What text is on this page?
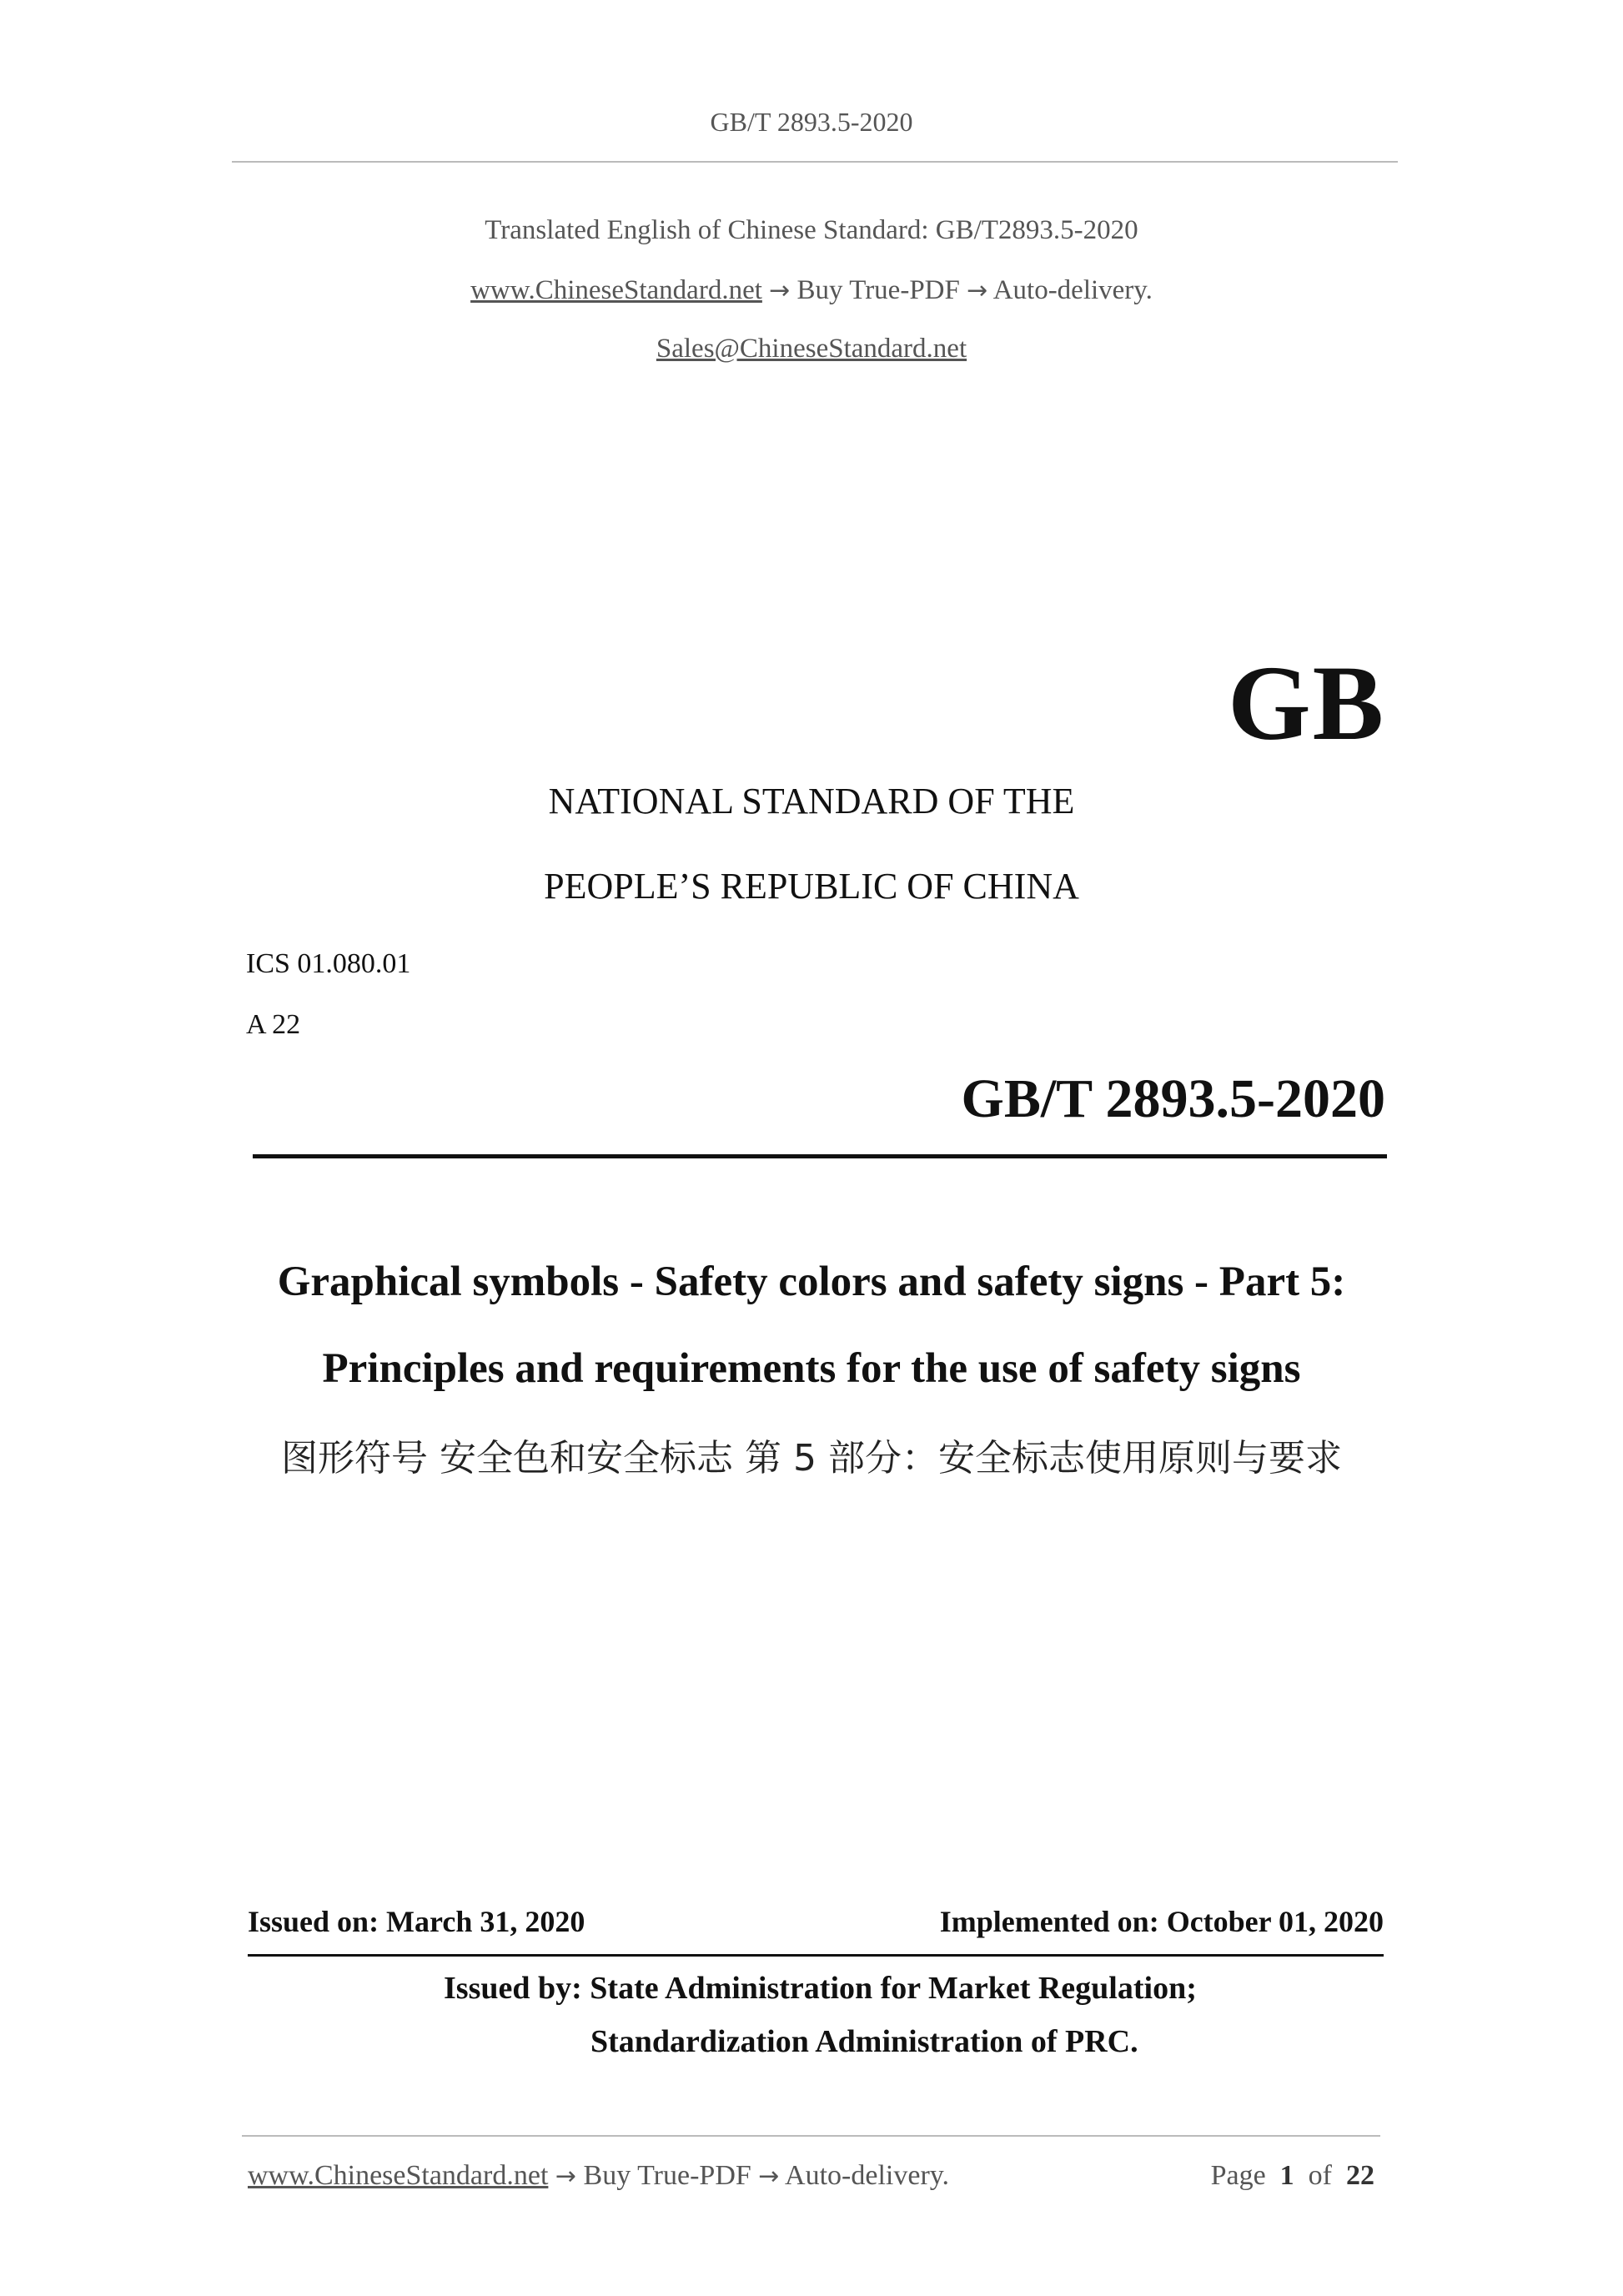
GB/T 2893.5-2020
Translated English of Chinese Standard: GB/T2893.5-2020
www.ChineseStandard.net → Buy True-PDF → Auto-delivery.
Sales@ChineseStandard.net
GB
NATIONAL STANDARD OF THE
PEOPLE’S REPUBLIC OF CHINA
ICS 01.080.01
A 22
GB/T 2893.5-2020
Graphical symbols - Safety colors and safety signs - Part 5:
Principles and requirements for the use of safety signs
图形符号 安全色和安全标志 第 5 部分：安全标志使用原则与要求
Issued on: March 31, 2020	Implemented on: October 01, 2020
Issued by: State Administration for Market Regulation;
Standardization Administration of PRC.
www.ChineseStandard.net → Buy True-PDF → Auto-delivery.	Page 1 of 22
